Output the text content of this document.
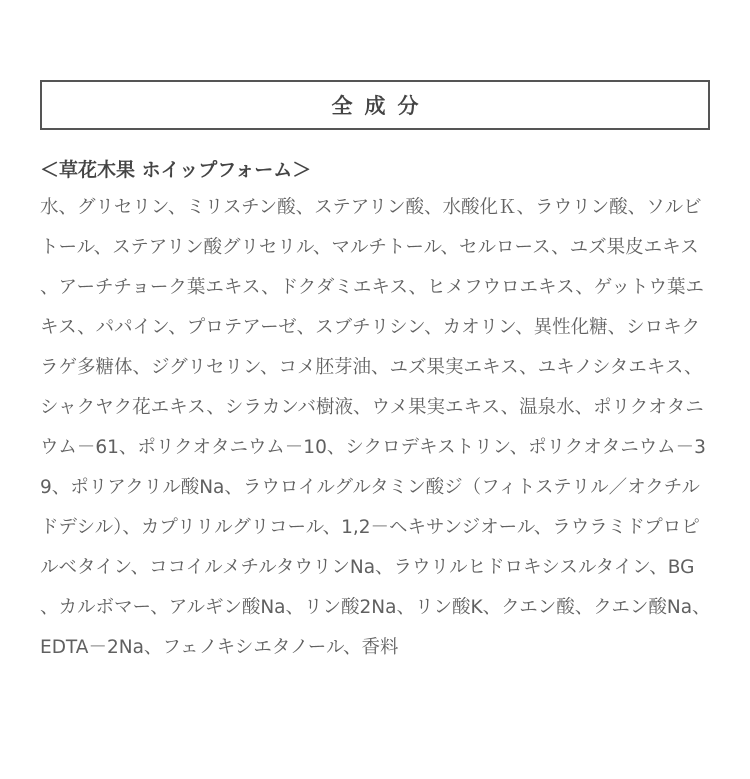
全成分

＜草花木果 ホイップフォーム＞

水、グリセリン、ミリスチン酸、ステアリン酸、水酸化Ｋ、ラウリン酸、ソルビトール、ステアリン酸グリセリル、マルチトール、セルロース、ユズ果皮エキス、アーチチョーク葉エキス、ドクダミエキス、ヒメフウロエキス、ゲットウ葉エキス、パパイン、プロテアーゼ、スブチリシン、カオリン、異性化糖、シロキクラゲ多糖体、ジグリセリン、コメ胚芽油、ユズ果実エキス、ユキノシタエキス、シャクヤク花エキス、シラカンバ樹液、ウメ果実エキス、温泉水、ポリクオタニウム－61、ポリクオタニウム－10、シクロデキストリン、ポリクオタニウム－39、ポリアクリル酸Na、ラウロイルグルタミン酸ジ（フィトステリル／オクチルドデシル）、カプリリルグリコール、1,2－ヘキサンジオール、ラウラミドプロピルベタイン、ココイルメチルタウリンNa、ラウリルヒドロキシスルタイン、BG、カルボマー、アルギン酸Na、リン酸2Na、リン酸K、クエン酸、クエン酸Na、EDTA－2Na、フェノキシエタノール、香料
